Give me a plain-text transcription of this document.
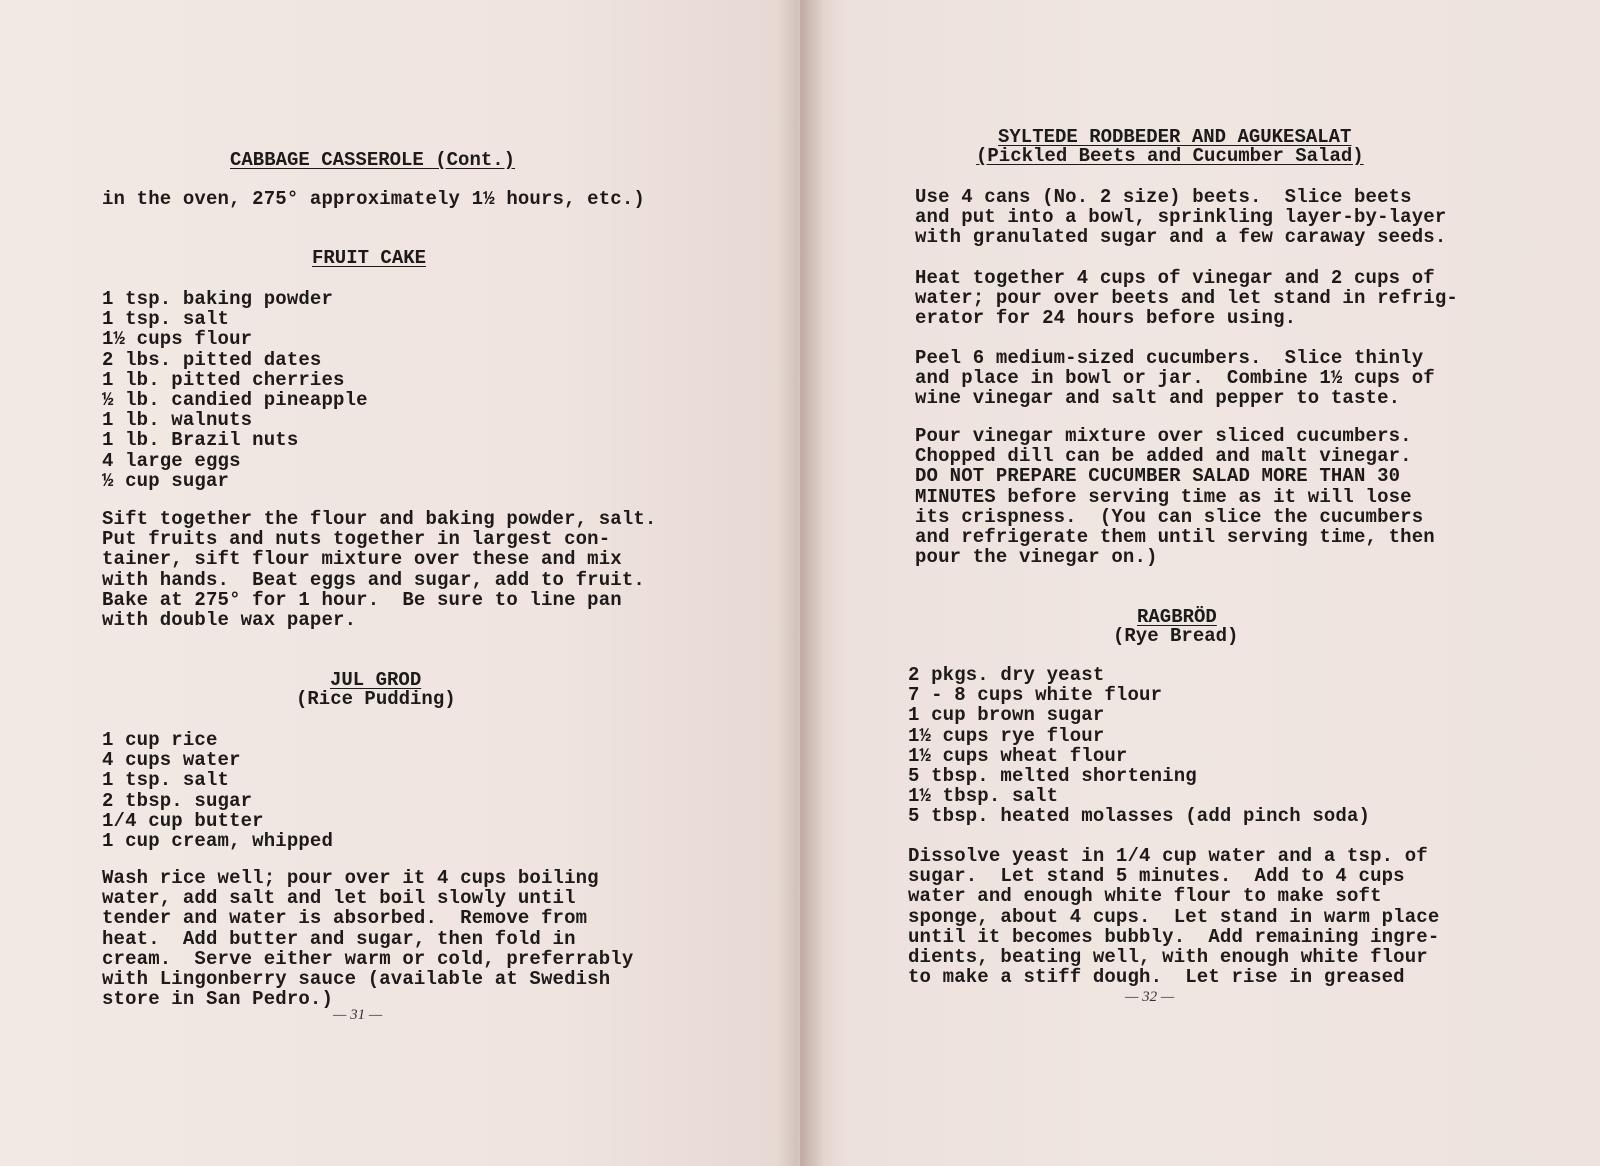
CABBAGE CASSEROLE (Cont.)
in the oven, 275° approximately 1½ hours, etc.)
FRUIT CAKE
1 tsp. baking powder
1 tsp. salt
1½ cups flour
2 lbs. pitted dates
1 lb. pitted cherries
½ lb. candied pineapple
1 lb. walnuts
1 lb. Brazil nuts
4 large eggs
½ cup sugar
Sift together the flour and baking powder, salt.
Put fruits and nuts together in largest con-
tainer, sift flour mixture over these and mix
with hands.  Beat eggs and sugar, add to fruit.
Bake at 275° for 1 hour.  Be sure to line pan
with double wax paper.
JUL GROD
(Rice Pudding)
1 cup rice
4 cups water
1 tsp. salt
2 tbsp. sugar
1/4 cup butter
1 cup cream, whipped
Wash rice well; pour over it 4 cups boiling
water, add salt and let boil slowly until
tender and water is absorbed.  Remove from
heat.  Add butter and sugar, then fold in
cream.  Serve either warm or cold, preferrably
with Lingonberry sauce (available at Swedish
store in San Pedro.)
— 31 —
SYLTEDE RODBEDER AND AGUKESALAT
(Pickled Beets and Cucumber Salad)
Use 4 cans (No. 2 size) beets.  Slice beets
and put into a bowl, sprinkling layer-by-layer
with granulated sugar and a few caraway seeds.
Heat together 4 cups of vinegar and 2 cups of
water; pour over beets and let stand in refrig-
erator for 24 hours before using.
Peel 6 medium-sized cucumbers.  Slice thinly
and place in bowl or jar.  Combine 1½ cups of
wine vinegar and salt and pepper to taste.
Pour vinegar mixture over sliced cucumbers.
Chopped dill can be added and malt vinegar.
DO NOT PREPARE CUCUMBER SALAD MORE THAN 30
MINUTES before serving time as it will lose
its crispness.  (You can slice the cucumbers
and refrigerate them until serving time, then
pour the vinegar on.)
RAGBRÖD
(Rye Bread)
2 pkgs. dry yeast
7 - 8 cups white flour
1 cup brown sugar
1½ cups rye flour
1½ cups wheat flour
5 tbsp. melted shortening
1½ tbsp. salt
5 tbsp. heated molasses (add pinch soda)
Dissolve yeast in 1/4 cup water and a tsp. of
sugar.  Let stand 5 minutes.  Add to 4 cups
water and enough white flour to make soft
sponge, about 4 cups.  Let stand in warm place
until it becomes bubbly.  Add remaining ingre-
dients, beating well, with enough white flour
to make a stiff dough.  Let rise in greased
— 32 —
